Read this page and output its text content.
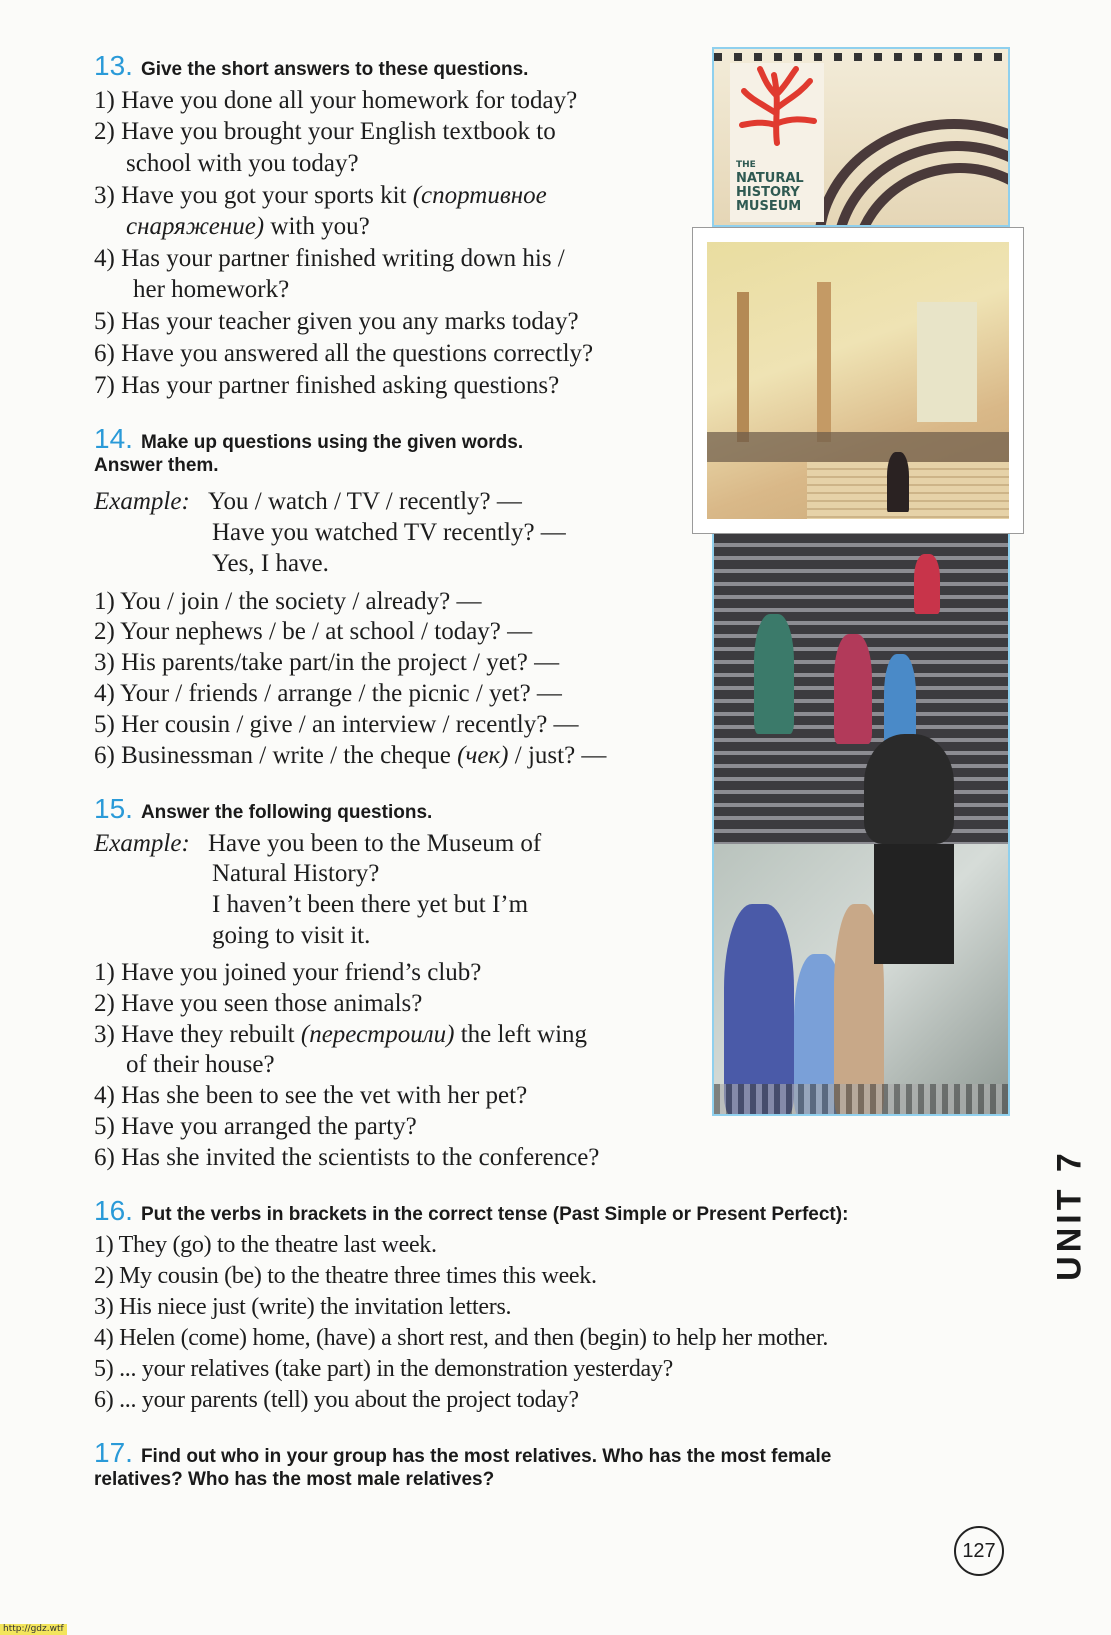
13. Give the short answers to these questions.
1) Have you done all your homework for today?
2) Have you brought your English textbook to
school with you today?
3) Have you got your sports kit (спортивное
снаряжение) with you?
4) Has your partner finished writing down his /
her homework?
5) Has your teacher given you any marks today?
6) Have you answered all the questions correctly?
7) Has your partner finished asking questions?
14. Make up questions using the given words.
Answer them.
Example: You / watch / TV / recently? —
Have you watched TV recently? —
Yes, I have.
1) You / join / the society / already? —
2) Your nephews / be / at school / today? —
3) His parents/take part/in the project / yet? —
4) Your / friends / arrange / the picnic / yet? —
5) Her cousin / give / an interview / recently? —
6) Businessman / write / the cheque (чек) / just? —
15. Answer the following questions.
Example: Have you been to the Museum of
Natural History?
I haven’t been there yet but I’m
going to visit it.
1) Have you joined your friend’s club?
2) Have you seen those animals?
3) Have they rebuilt (перестроили) the left wing
of their house?
4) Has she been to see the vet with her pet?
5) Have you arranged the party?
6) Has she invited the scientists to the conference?
16. Put the verbs in brackets in the correct tense (Past Simple or Present Perfect):
1) They (go) to the theatre last week.
2) My cousin (be) to the theatre three times this week.
3) His niece just (write) the invitation letters.
4) Helen (come) home, (have) a short rest, and then (begin) to help her mother.
5) ... your relatives (take part) in the demonstration yesterday?
6) ... your parents (tell) you about the project today?
17. Find out who in your group has the most relatives. Who has the most female
relatives? Who has the most male relatives?
THE
NATURAL
HISTORY
MUSEUM
UNIT 7
127
http://gdz.wtf
